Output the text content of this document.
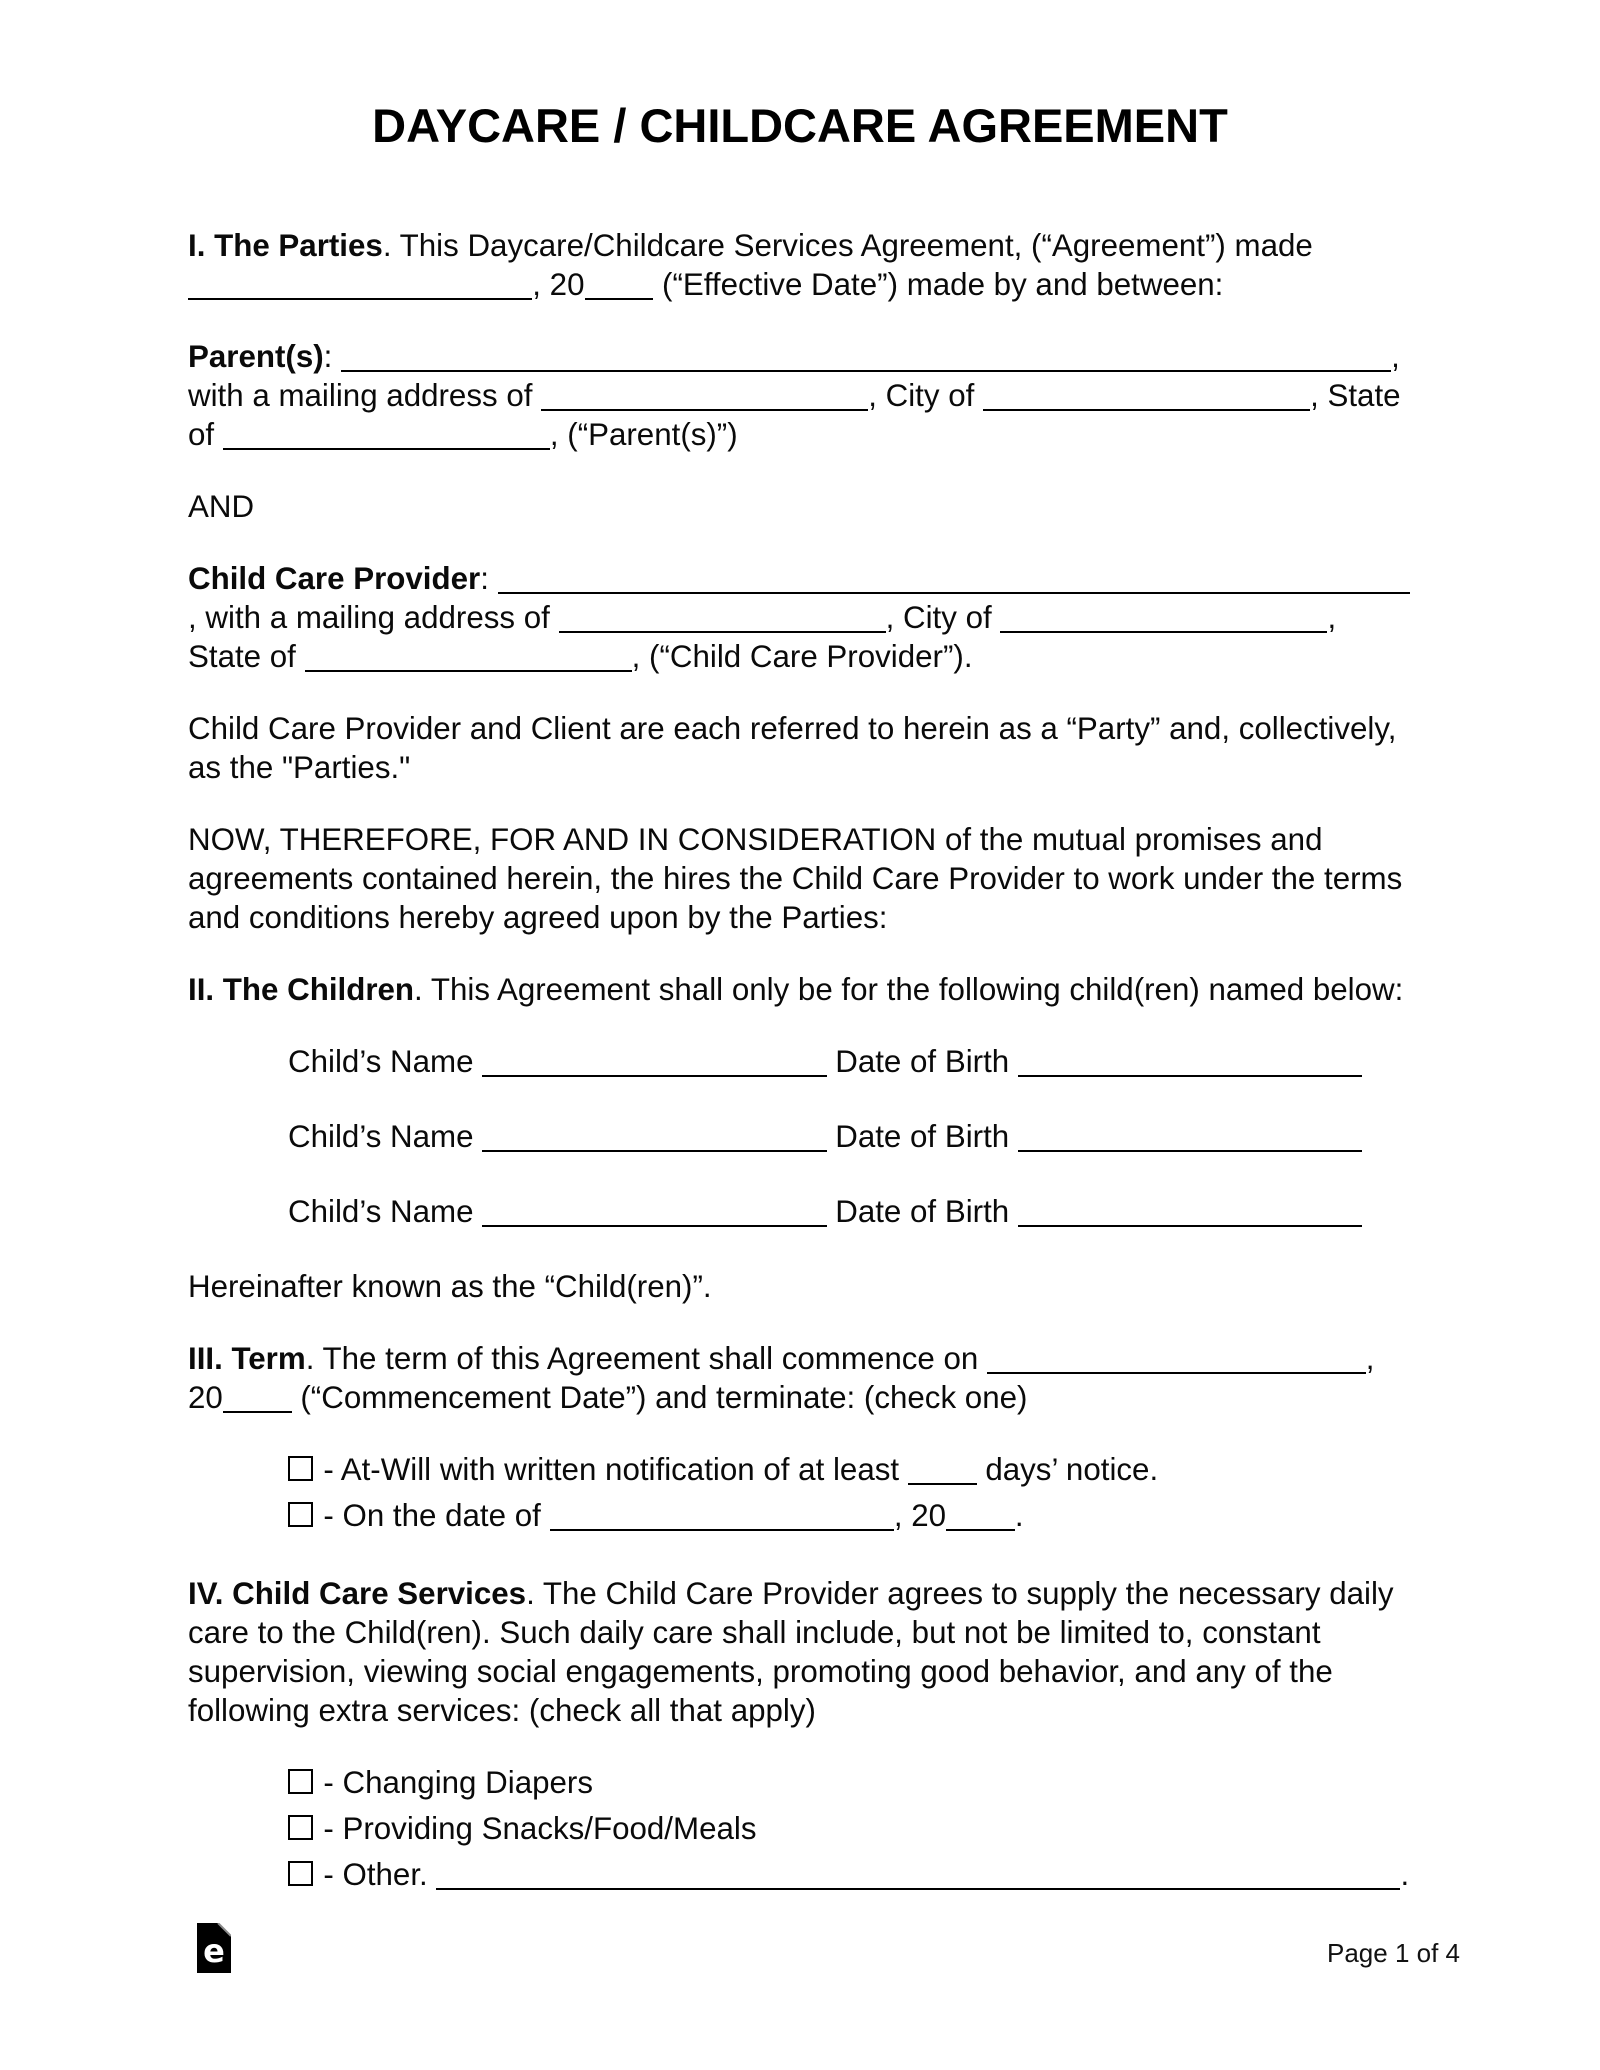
DAYCARE / CHILDCARE AGREEMENT
I. The Parties. This Daycare/Childcare Services Agreement, (“Agreement”) made , 20 (“Effective Date”) made by and between:
Parent(s):	, with a mailing address of	, City of	, State of	, (“Parent(s)”)
AND
Child Care Provider: , with a mailing address of	, City of	, State of	, (“Child Care Provider”).
Child Care Provider and Client are each referred to herein as a “Party” and, collectively, as the "Parties."
NOW, THEREFORE, FOR AND IN CONSIDERATION of the mutual promises and agreements contained herein, the hires the Child Care Provider to work under the terms and conditions hereby agreed upon by the Parties:
II. The Children. This Agreement shall only be for the following child(ren) named below:
Child’s Name	Date of Birth
Child’s Name	Date of Birth
Child’s Name	Date of Birth
Hereinafter known as the “Child(ren)”.
III. Term. The term of this Agreement shall commence on	, 20 (“Commencement Date”) and terminate: (check one)
- At-Will with written notification of at least  days’ notice.
- On the date of	, 20 .
IV. Child Care Services. The Child Care Provider agrees to supply the necessary daily care to the Child(ren). Such daily care shall include, but not be limited to, constant supervision, viewing social engagements, promoting good behavior, and any of the following extra services: (check all that apply)
- Changing Diapers
- Providing Snacks/Food/Meals
- Other.	.
e	Page 1 of 4
